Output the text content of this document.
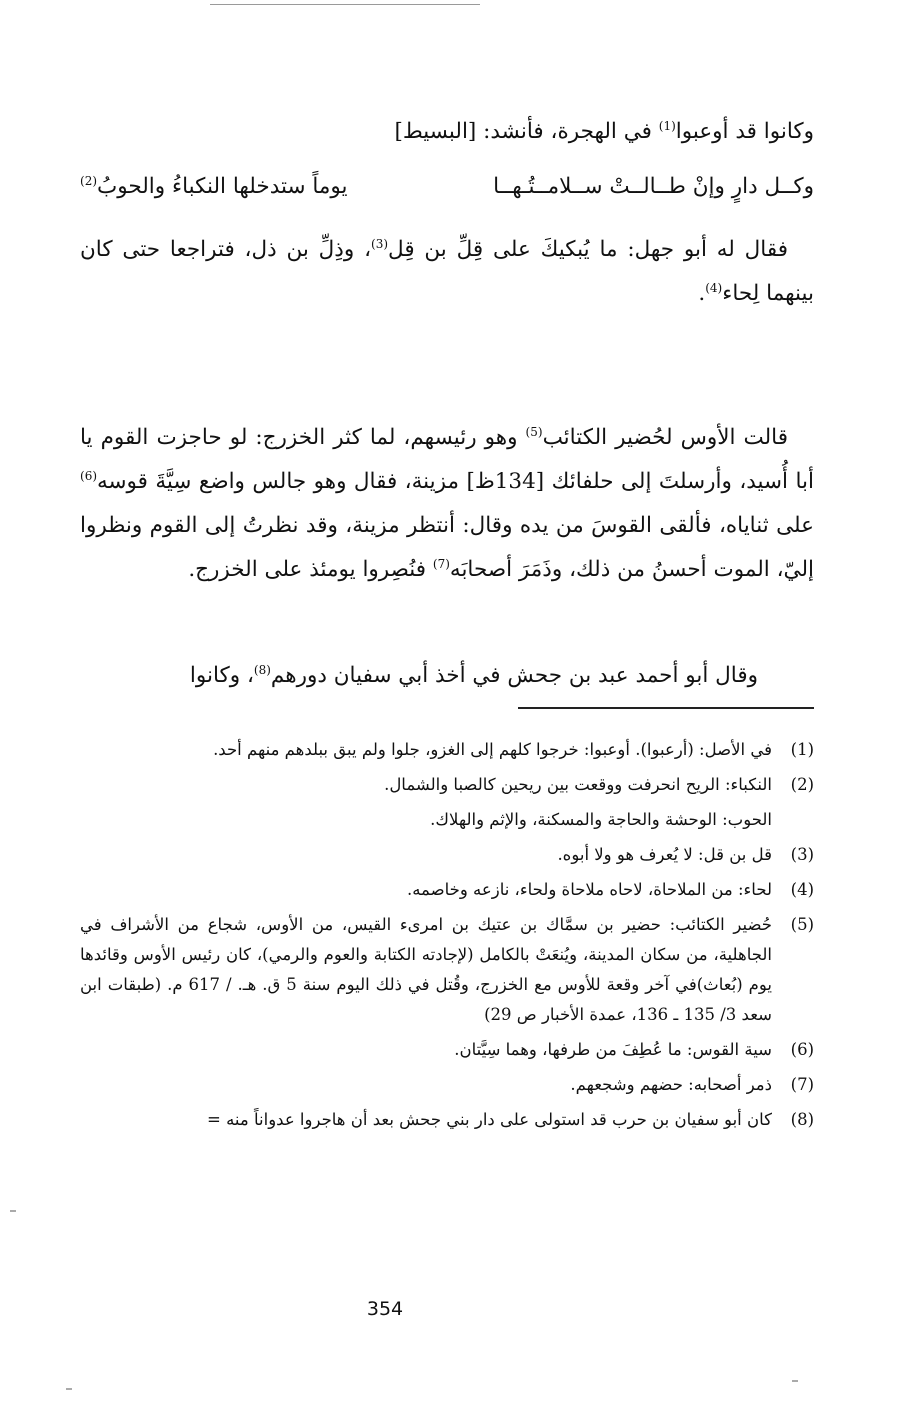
وكانوا قد أوعبوا$^{(1)}$ في الهجرة، فأنشد: [البسيط]

وكــل دارٍ وإنْ طــالــتْ ســلامــتُـهــا
يوماً ستدخلها النكباءُ والحوبُ$^{(2)}$

فقال له أبو جهل: ما يُبكيكَ على قِلِّ بن قِل$^{(3)}$، وذِلِّ بن ذل، فتراجعا حتى كان بينهما لِحاء$^{(4)}$.

قالت الأوس لحُضير الكتائب$^{(5)}$ وهو رئيسهم، لما كثر الخزرج: لو حاجزت القوم يا أبا أُسيد، وأرسلتَ إلى حلفائك [134ظ] مزينة، فقال وهو جالس واضع سِيَّةَ قوسه$^{(6)}$ على ثناياه، فألقى القوسَ من يده وقال: أنتظر مزينة، وقد نظرتُ إلى القوم ونظروا إليّ، الموت أحسنُ من ذلك، وذَمَرَ أصحابَه$^{(7)}$ فنُصِروا يومئذ على الخزرج.

وقال أبو أحمد عبد بن جحش في أخذ أبي سفيان دورهم$^{(8)}$، وكانوا

(1)
في الأصل: (أرعبوا). أوعبوا: خرجوا كلهم إلى الغزو، جلوا ولم يبق ببلدهم منهم أحد.
(2)
النكباء: الريح انحرفت ووقعت بين ريحين كالصبا والشمال.
الحوب: الوحشة والحاجة والمسكنة، والإثم والهلاك.
(3)
قل بن قل: لا يُعرف هو ولا أبوه.
(4)
لحاء: من الملاحاة، لاحاه ملاحاة ولحاء، نازعه وخاصمه.
(5)
حُضير الكتائب: حضير بن سمَّاك بن عتيك بن امرىء القيس، من الأوس، شجاع من الأشراف في الجاهلية، من سكان المدينة، ويُنعَتْ بالكامل (لإجادته الكتابة والعوم والرمي)، كان رئيس الأوس وقائدها يوم (بُعاث)في آخر وقعة للأوس مع الخزرج، وقُتل في ذلك اليوم سنة 5 ق. هـ. / 617 م. (طبقات ابن سعد 3/ 135 ـ 136، عمدة الأخبار ص 29)
(6)
سية القوس: ما عُطِفَ من طرفها، وهما سِيَّتان.
(7)
ذمر أصحابه: حضهم وشجعهم.
(8)
كان أبو سفيان بن حرب قد استولى على دار بني جحش بعد أن هاجروا عدواناً منه =
354
